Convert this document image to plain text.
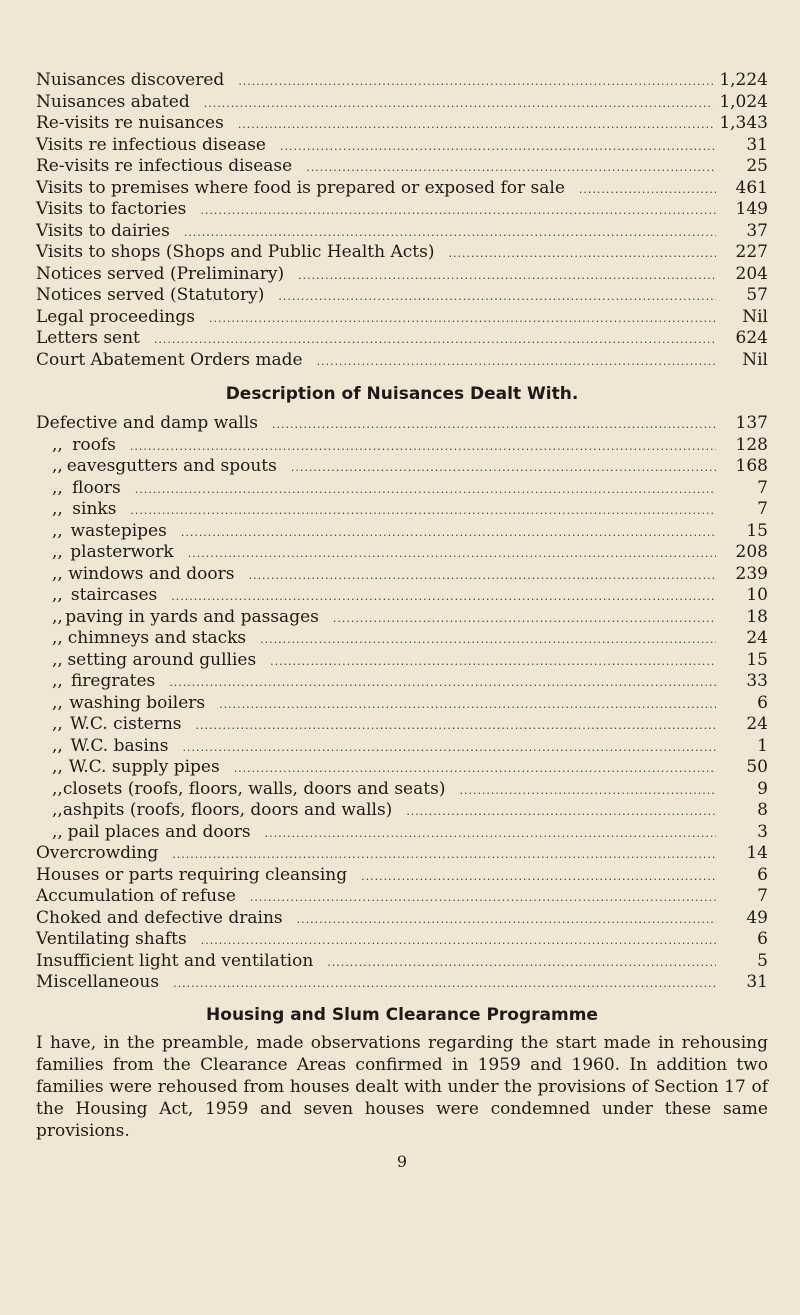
Nuisances discovered .....	1,224
Nuisances abated .....	1,024
Re-visits re nuisances .....	1,343
Visits re infectious disease .....	31
Re-visits re infectious disease .....	25
Visits to premises where food is prepared or exposed for sale .....	461
Visits to factories .....	149
Visits to dairies .....	37
Visits to shops (Shops and Public Health Acts) .....	227
Notices served (Preliminary) .....	204
Notices served (Statutory) .....	57
Legal proceedings .....	Nil
Letters sent .....	624
Court Abatement Orders made .....	Nil
Description of Nuisances Dealt With.
Defective and damp walls .....	137
,, roofs .....	128
,, eavesgutters and spouts .....	168
,, floors .....	7
,, sinks .....	7
,, wastepipes .....	15
,, plasterwork .....	208
,, windows and doors .....	239
,, staircases .....	10
,, paving in yards and passages .....	18
,, chimneys and stacks .....	24
,, setting around gullies .....	15
,, firegrates .....	33
,, washing boilers .....	6
,, W.C. cisterns .....	24
,, W.C. basins .....	1
,, W.C. supply pipes .....	50
,, closets (roofs, floors, walls, doors and seats) .....	9
,, ashpits (roofs, floors, doors and walls) .....	8
,, pail places and doors .....	3
Overcrowding .....	14
Houses or parts requiring cleansing .....	6
Accumulation of refuse .....	7
Choked and defective drains .....	49
Ventilating shafts .....	6
Insufficient light and ventilation .....	5
Miscellaneous .....	31
Housing and Slum Clearance Programme
I have, in the preamble, made observations regarding the start made in rehousing families from the Clearance Areas confirmed in 1959 and 1960. In addition two families were rehoused from houses dealt with under the provisions of Section 17 of the Housing Act, 1959 and seven houses were condemned under these same provisions.
9
